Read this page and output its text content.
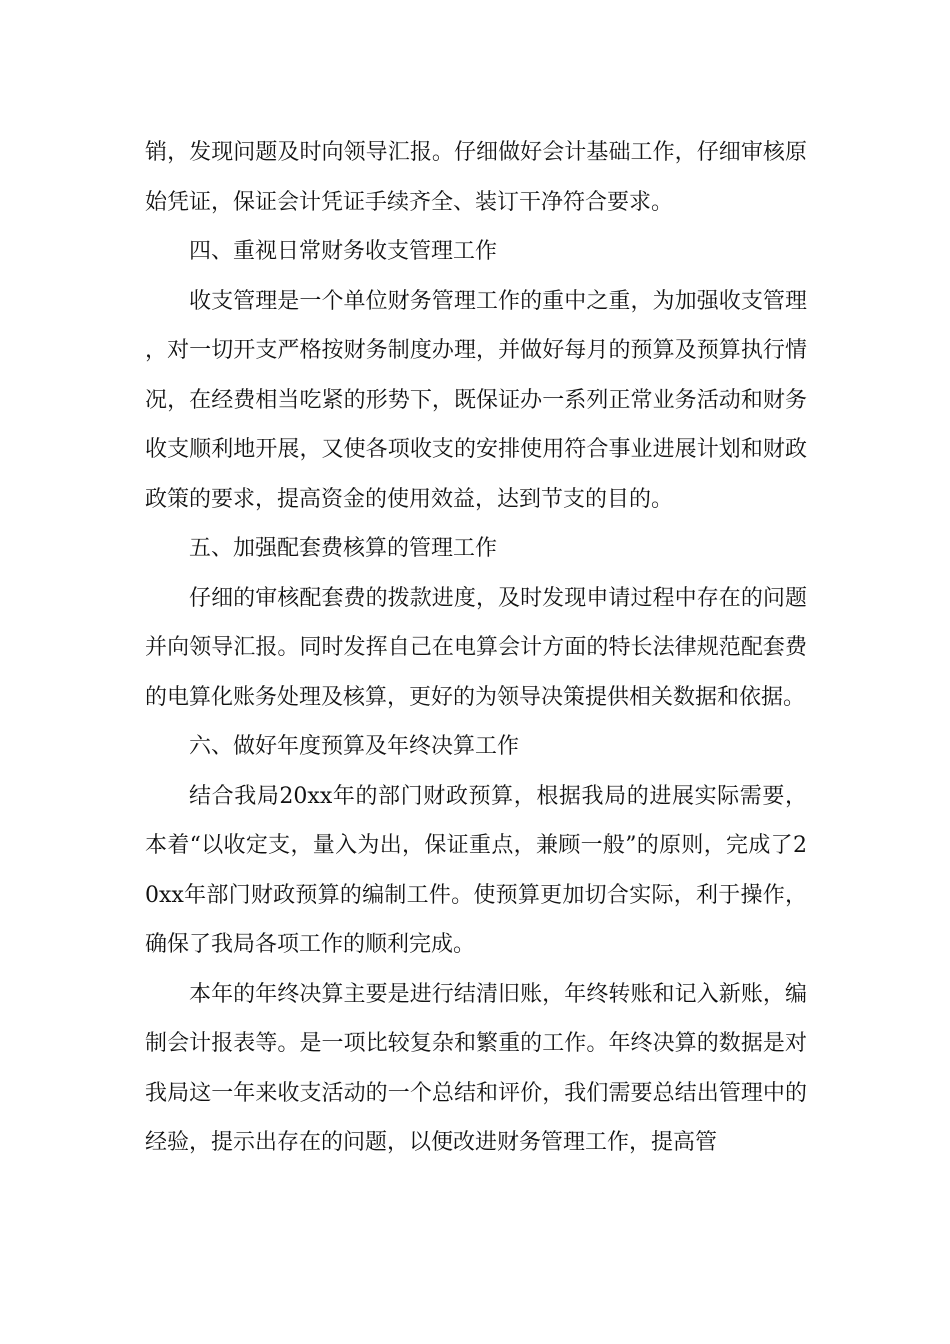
销，发现问题及时向领导汇报。仔细做好会计基础工作，仔细审核原始凭证，保证会计凭证手续齐全、装订干净符合要求。

四、重视日常财务收支管理工作

收支管理是一个单位财务管理工作的重中之重，为加强收支管理，对一切开支严格按财务制度办理，并做好每月的预算及预算执行情况，在经费相当吃紧的形势下，既保证办一系列正常业务活动和财务收支顺利地开展，又使各项收支的安排使用符合事业进展计划和财政政策的要求，提高资金的使用效益，达到节支的目的。

五、加强配套费核算的管理工作

仔细的审核配套费的拨款进度，及时发现申请过程中存在的问题并向领导汇报。同时发挥自己在电算会计方面的特长法律规范配套费的电算化账务处理及核算，更好的为领导决策提供相关数据和依据。

六、做好年度预算及年终决算工作

结合我局20xx年的部门财政预算，根据我局的进展实际需要，本着“以收定支，量入为出，保证重点，兼顾一般”的原则，完成了20xx年部门财政预算的编制工件。使预算更加切合实际，利于操作，确保了我局各项工作的顺利完成。

本年的年终决算主要是进行结清旧账，年终转账和记入新账，编制会计报表等。是一项比较复杂和繁重的工作。年终决算的数据是对我局这一年来收支活动的一个总结和评价，我们需要总结出管理中的经验，提示出存在的问题，以便改进财务管理工作，提高管
